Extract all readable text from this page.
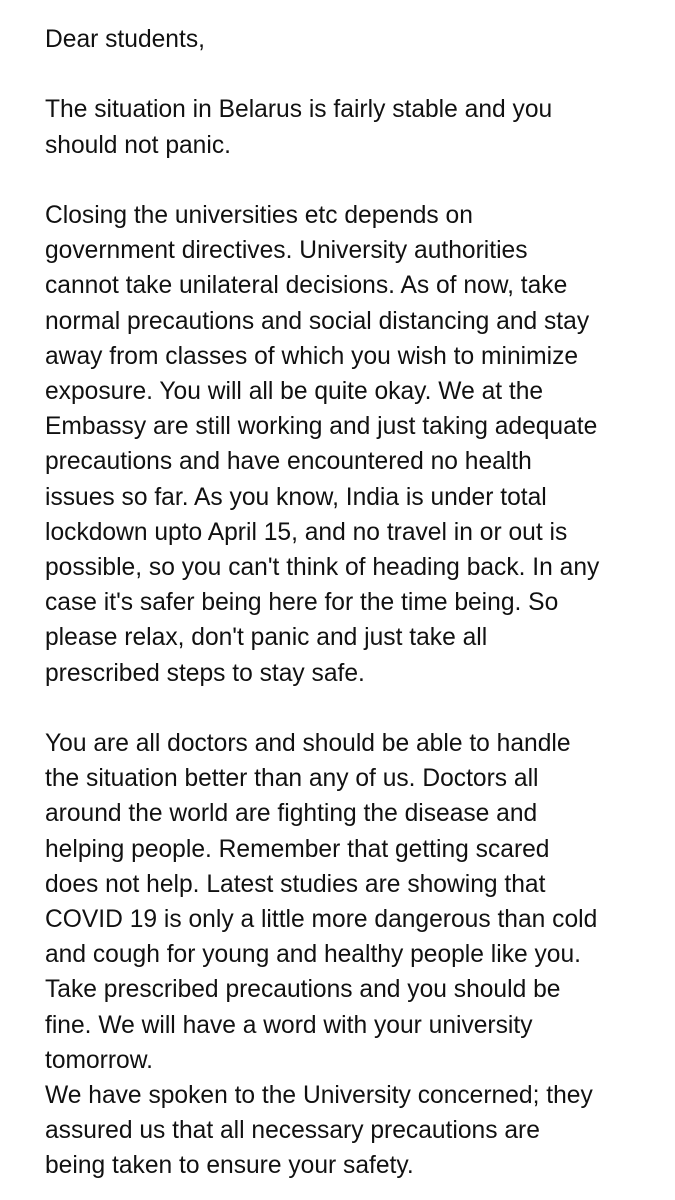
Dear students,

The situation in Belarus is fairly stable and you

should not panic.

Closing the universities etc depends on

government directives. University authorities

cannot take unilateral decisions. As of now, take

normal precautions and social distancing and stay

away from classes of which you wish to minimize

exposure. You will all be quite okay. We at the

Embassy are still working and just taking adequate

precautions and have encountered no health

issues so far. As you know, India is under total

lockdown upto April 15, and no travel in or out is

possible, so you can't think of heading back. In any

case it's safer being here for the time being. So

please relax, don't panic and just take all

prescribed steps to stay safe.

You are all doctors and should be able to handle

the situation better than any of us. Doctors all

around the world are fighting the disease and

helping people. Remember that getting scared

does not help. Latest studies are showing that

COVID 19 is only a little more dangerous than cold

and cough for young and healthy people like you.

Take prescribed precautions and you should be

fine. We will have a word with your university

tomorrow.

We have spoken to the University concerned; they

assured us that all necessary precautions are

being taken to ensure your safety.
